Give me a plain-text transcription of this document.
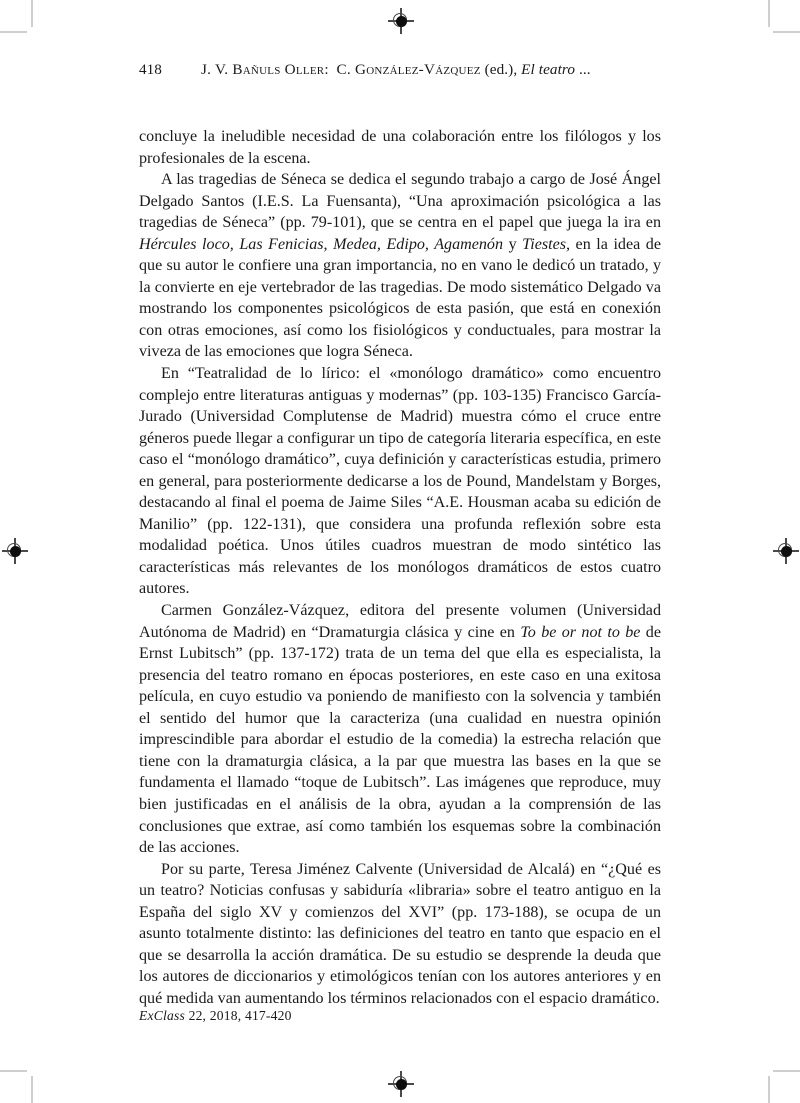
418	J. V. Bañuls Oller: C. González-Vázquez (ed.), El teatro ...

concluye la ineludible necesidad de una colaboración entre los filólogos y los profesionales de la escena.

A las tragedias de Séneca se dedica el segundo trabajo a cargo de José Ángel Delgado Santos (I.E.S. La Fuensanta), “Una aproximación psicológica a las tragedias de Séneca” (pp. 79-101), que se centra en el papel que juega la ira en Hércules loco, Las Fenicias, Medea, Edipo, Agamenón y Tiestes, en la idea de que su autor le confiere una gran importancia, no en vano le dedicó un tratado, y la convierte en eje vertebrador de las tragedias. De modo sistemático Delgado va mostrando los componentes psicológicos de esta pasión, que está en conexión con otras emociones, así como los fisiológicos y conductuales, para mostrar la viveza de las emociones que logra Séneca.

En “Teatralidad de lo lírico: el «monólogo dramático» como encuentro complejo entre literaturas antiguas y modernas” (pp. 103-135) Francisco García-Jurado (Universidad Complutense de Madrid) muestra cómo el cruce entre géneros puede llegar a configurar un tipo de categoría literaria específica, en este caso el “monólogo dramático”, cuya definición y características estudia, primero en general, para posteriormente dedicarse a los de Pound, Mandelstam y Borges, destacando al final el poema de Jaime Siles “A.E. Housman acaba su edición de Manilio” (pp. 122-131), que considera una profunda reflexión sobre esta modalidad poética. Unos útiles cuadros muestran de modo sintético las características más relevantes de los monólogos dramáticos de estos cuatro autores.

Carmen González-Vázquez, editora del presente volumen (Universidad Autónoma de Madrid) en “Dramaturgia clásica y cine en To be or not to be de Ernst Lubitsch” (pp. 137-172) trata de un tema del que ella es especialista, la presencia del teatro romano en épocas posteriores, en este caso en una exitosa película, en cuyo estudio va poniendo de manifiesto con la solvencia y también el sentido del humor que la caracteriza (una cualidad en nuestra opinión imprescindible para abordar el estudio de la comedia) la estrecha relación que tiene con la dramaturgia clásica, a la par que muestra las bases en la que se fundamenta el llamado “toque de Lubitsch”. Las imágenes que reproduce, muy bien justificadas en el análisis de la obra, ayudan a la comprensión de las conclusiones que extrae, así como también los esquemas sobre la combinación de las acciones.

Por su parte, Teresa Jiménez Calvente (Universidad de Alcalá) en “¿Qué es un teatro? Noticias confusas y sabiduría «libraria» sobre el teatro antiguo en la España del siglo XV y comienzos del XVI” (pp. 173-188), se ocupa de un asunto totalmente distinto: las definiciones del teatro en tanto que espacio en el que se desarrolla la acción dramática. De su estudio se desprende la deuda que los autores de diccionarios y etimológicos tenían con los autores anteriores y en qué medida van aumentando los términos relacionados con el espacio dramático.

ExClass 22, 2018, 417-420
